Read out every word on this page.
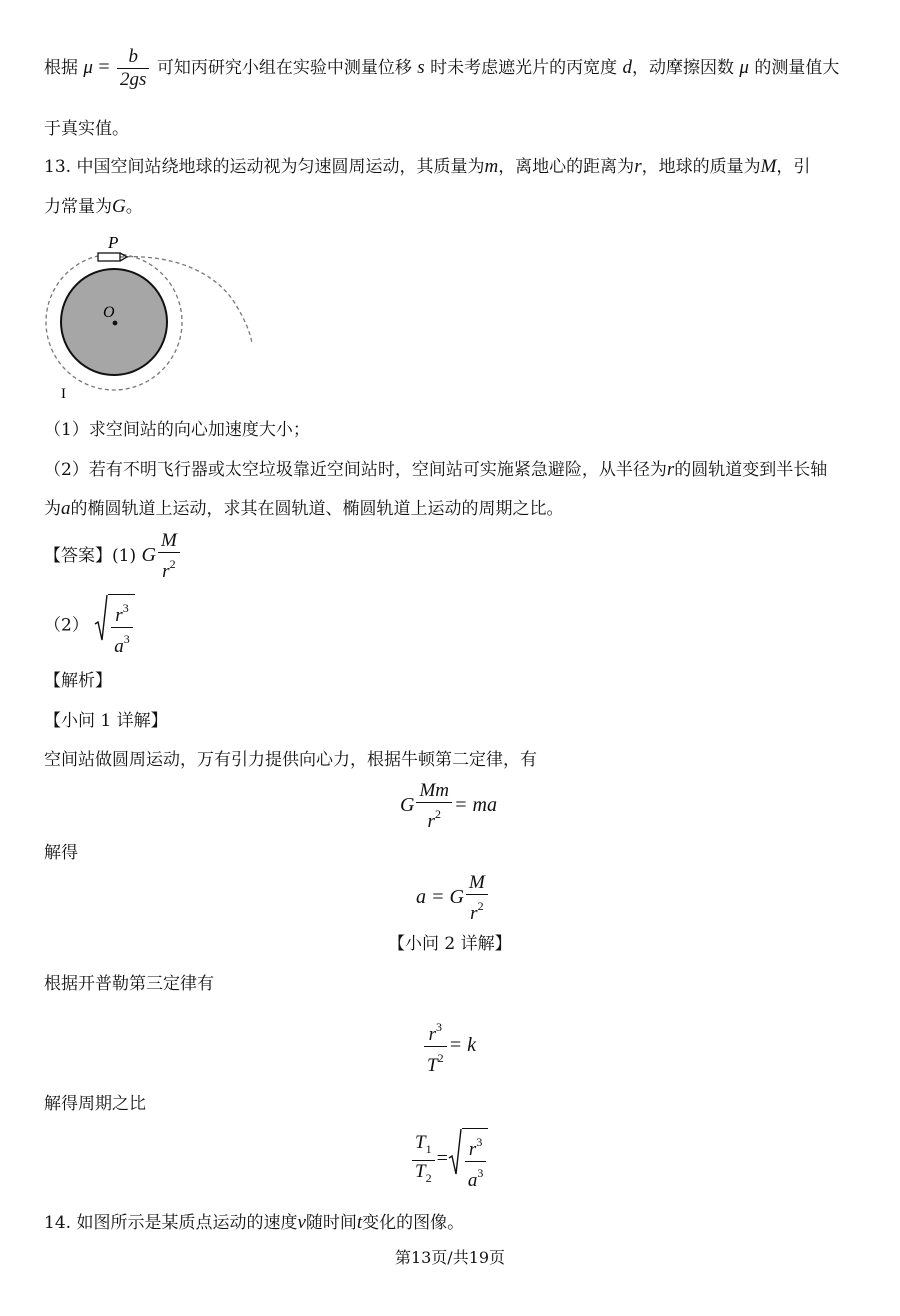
根据 $\mu = \frac{b}{2gs}$ 可知丙研究小组在实验中测量位移 s 时未考虑遮光片的丙宽度 d，动摩擦因数 μ 的测量值大
于真实值。
13. 中国空间站绕地球的运动视为匀速圆周运动，其质量为m，离地心的距离为r，地球的质量为M，引
力常量为G。
P
O
I
（1）求空间站的向心加速度大小；
（2）若有不明飞行器或太空垃圾靠近空间站时，空间站可实施紧急避险，从半径为r的圆轨道变到半长轴
为a的椭圆轨道上运动，求其在圆轨道、椭圆轨道上运动的周期之比。
【答案】(1) G $\frac{M}{r^2}$
$(2) \frac{r^3}{a^3}$
【解析】
【小问 1 详解】
空间站做圆周运动，万有引力提供向心力，根据牛顿第二定律，有
G $\frac{Mm}{r^2}$ = ma
解得
a = G $\frac{M}{r^2}$
【小问 2 详解】
根据开普勒第三定律有
$\frac{r^3}{T^2} = k$
解得周期之比
$\frac{T_1}{T_2} = \frac{r^3}{a^3}$
14. 如图所示是某质点运动的速度v随时间t变化的图像。
第13页/共19页
